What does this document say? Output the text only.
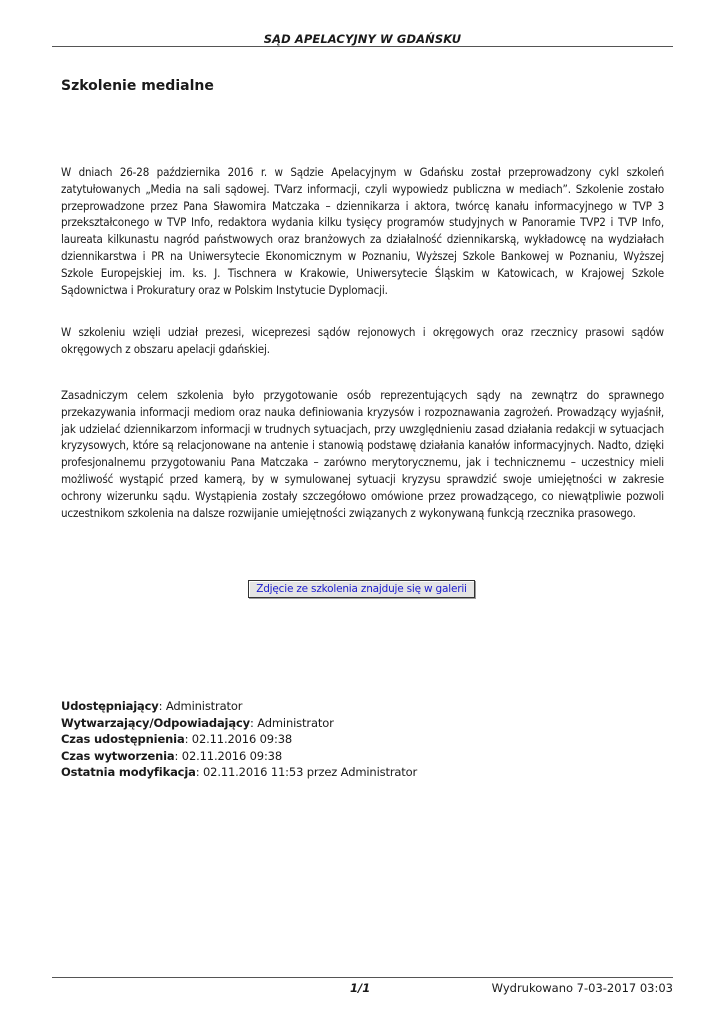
SĄD APELACYJNY W GDAŃSKU
Szkolenie medialne

W dniach 26-28 października 2016 r. w Sądzie Apelacyjnym w Gdańsku został przeprowadzony cykl szkoleń zatytułowanych „Media na sali sądowej. TVarz informacji, czyli wypowiedz publiczna w mediach”. Szkolenie zostało przeprowadzone przez Pana Sławomira Matczaka – dziennikarza i aktora, twórcę kanału informacyjnego w TVP 3 przekształconego w TVP Info, redaktora wydania kilku tysięcy programów studyjnych w Panoramie TVP2 i TVP Info, laureata kilkunastu nagród państwowych oraz branżowych za działalność dziennikarską, wykładowcę na wydziałach dziennikarstwa i PR na Uniwersytecie Ekonomicznym w Poznaniu, Wyższej Szkole Bankowej w Poznaniu, Wyższej Szkole Europejskiej im. ks. J. Tischnera w Krakowie, Uniwersytecie Śląskim w Katowicach, w Krajowej Szkole Sądownictwa i Prokuratury oraz w Polskim Instytucie Dyplomacji.

W szkoleniu wzięli udział prezesi, wiceprezesi sądów rejonowych i okręgowych oraz rzecznicy prasowi sądów okręgowych z obszaru apelacji gdańskiej.

Zasadniczym celem szkolenia było przygotowanie osób reprezentujących sądy na zewnątrz do sprawnego przekazywania informacji mediom oraz nauka definiowania kryzysów i rozpoznawania zagrożeń. Prowadzący wyjaśnił, jak udzielać dziennikarzom informacji w trudnych sytuacjach, przy uwzględnieniu zasad działania redakcji w sytuacjach kryzysowych, które są relacjonowane na antenie i stanowią podstawę działania kanałów informacyjnych. Nadto, dzięki profesjonalnemu przygotowaniu Pana Matczaka – zarówno merytorycznemu, jak i technicznemu – uczestnicy mieli możliwość wystąpić przed kamerą, by w symulowanej sytuacji kryzysu sprawdzić swoje umiejętności w zakresie ochrony wizerunku sądu. Wystąpienia zostały szczegółowo omówione przez prowadzącego, co niewątpliwie pozwoli uczestnikom szkolenia na dalsze rozwijanie umiejętności związanych z wykonywaną funkcją rzecznika prasowego.

Zdjęcie ze szkolenia znajduje się w galerii
Udostępniający: Administrator
Wytwarzający/Odpowiadający: Administrator
Czas udostępnienia: 02.11.2016 09:38
Czas wytworzenia: 02.11.2016 09:38
Ostatnia modyfikacja: 02.11.2016 11:53 przez Administrator
1/1	Wydrukowano 7-03-2017 03:03
